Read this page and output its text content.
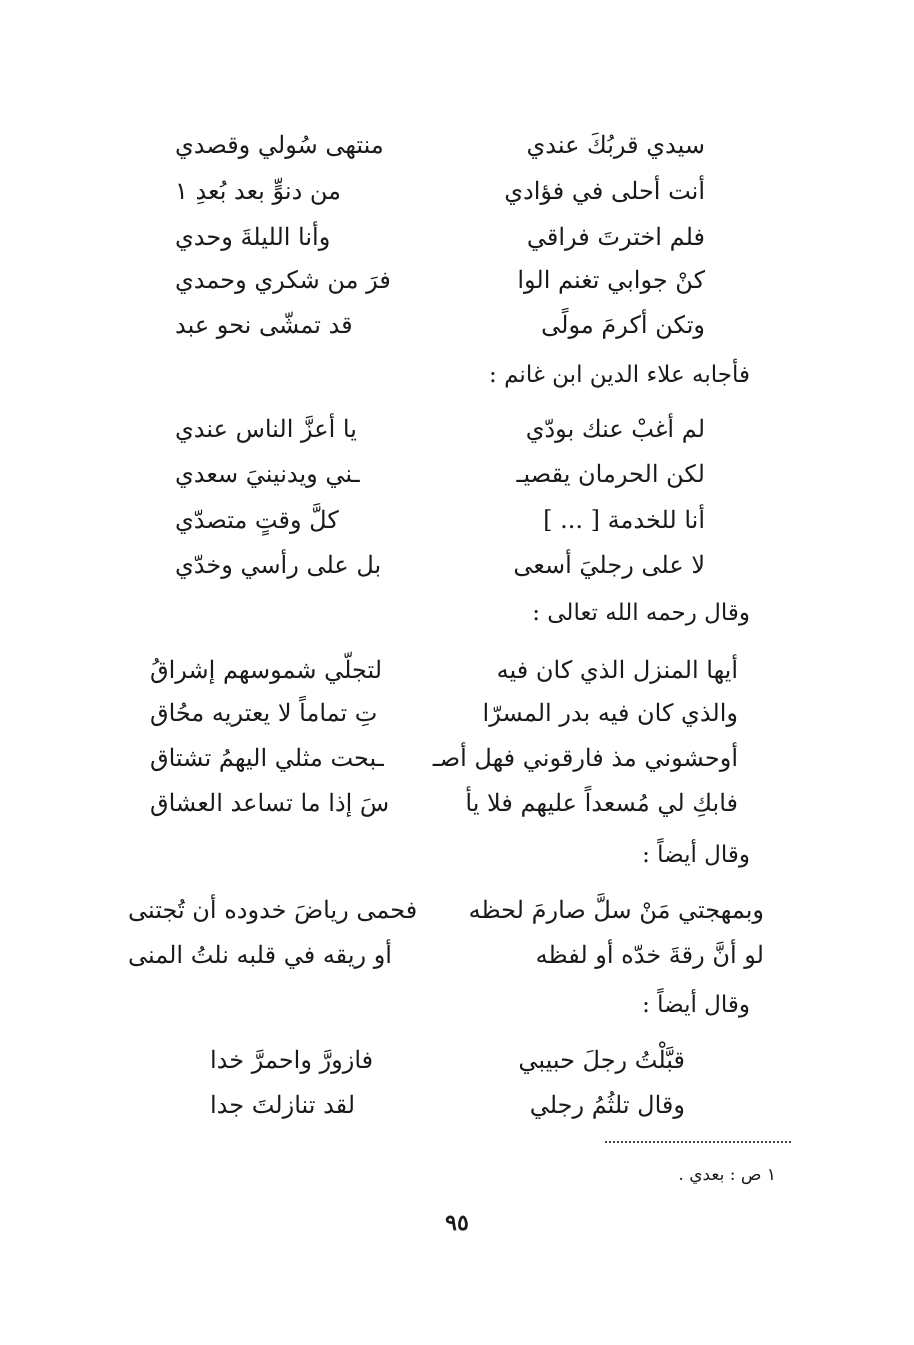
سيدي قربُكَ عندي
منتهى سُولي وقصدي
أنت أحلى في فؤادي
من دنوٍّ بعد بُعدِ ١
فلم اخترتَ فراقي
وأنا الليلةَ وحدي
كنْ جوابي تغنم الوا
فرَ من شكري وحمدي
وتكن أكرمَ مولًى
قد تمشّى نحو عبد
فأجابه علاء الدين ابن غانم :
لم أغبْ عنك بودّي
يا أعزَّ الناس عندي
لكن الحرمان يقصيـ
ـني ويدنينيَ سعدي
أنا للخدمة [ ... ]
كلَّ وقتٍ متصدّي
لا على رجليَ أسعى
بل على رأسي وخدّي
وقال رحمه الله تعالى :
أيها المنزل الذي كان فيه
لتجلّي شموسهم إشراقُ
والذي كان فيه بدر المسرّا
تِ تماماً لا يعتريه محُاق
أوحشوني مذ فارقوني فهل أصـ
ـبحت مثلي اليهمُ تشتاق
فابكِ لي مُسعداً عليهم فلا يأ
سَ إذا ما تساعد العشاق
وقال أيضاً :
وبمهجتي مَنْ سلَّ صارمَ لحظه
فحمى رياضَ خدوده أن تُجتنى
لو أنَّ رقةَ خدّه أو لفظه
أو ريقه في قلبه نلتُ المنى
وقال أيضاً :
قبَّلْتُ رجلَ حبيبي
فازورَّ واحمرَّ خدا
وقال تلثُمُ رجلي
لقد تنازلتَ جدا
١ ص : بعدي .
٩٥
